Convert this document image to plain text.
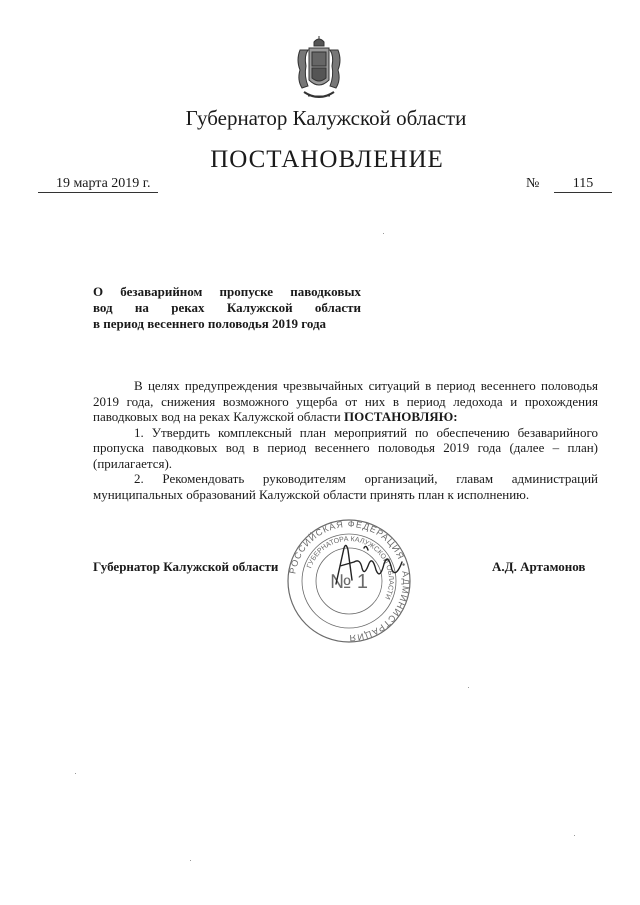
Губернатор Калужской области
ПОСТАНОВЛЕНИЕ
19 марта 2019 г.	№	115
О безаварийном пропуске паводковых
вод на реках Калужской области
в период весеннего половодья 2019 года

В целях предупреждения чрезвычайных ситуаций в период весеннего половодья 2019 года, снижения возможного ущерба от них в период ледохода и прохождения паводковых вод на реках Калужской области ПОСТАНОВЛЯЮ:

1. Утвердить комплексный план мероприятий по обеспечению безаварийного пропуска паводковых вод в период весеннего половодья 2019 года (далее – план) (прилагается).

2. Рекомендовать руководителям организаций, главам администраций муниципальных образований Калужской области принять план к исполнению.

РОССИЙСКАЯ ФЕДЕРАЦИЯ • АДМИНИСТРАЦИЯ
ГУБЕРНАТОРА КАЛУЖСКОЙ ОБЛАСТИ
№ 1
Губернатор Калужской области	А.Д. Артамонов
